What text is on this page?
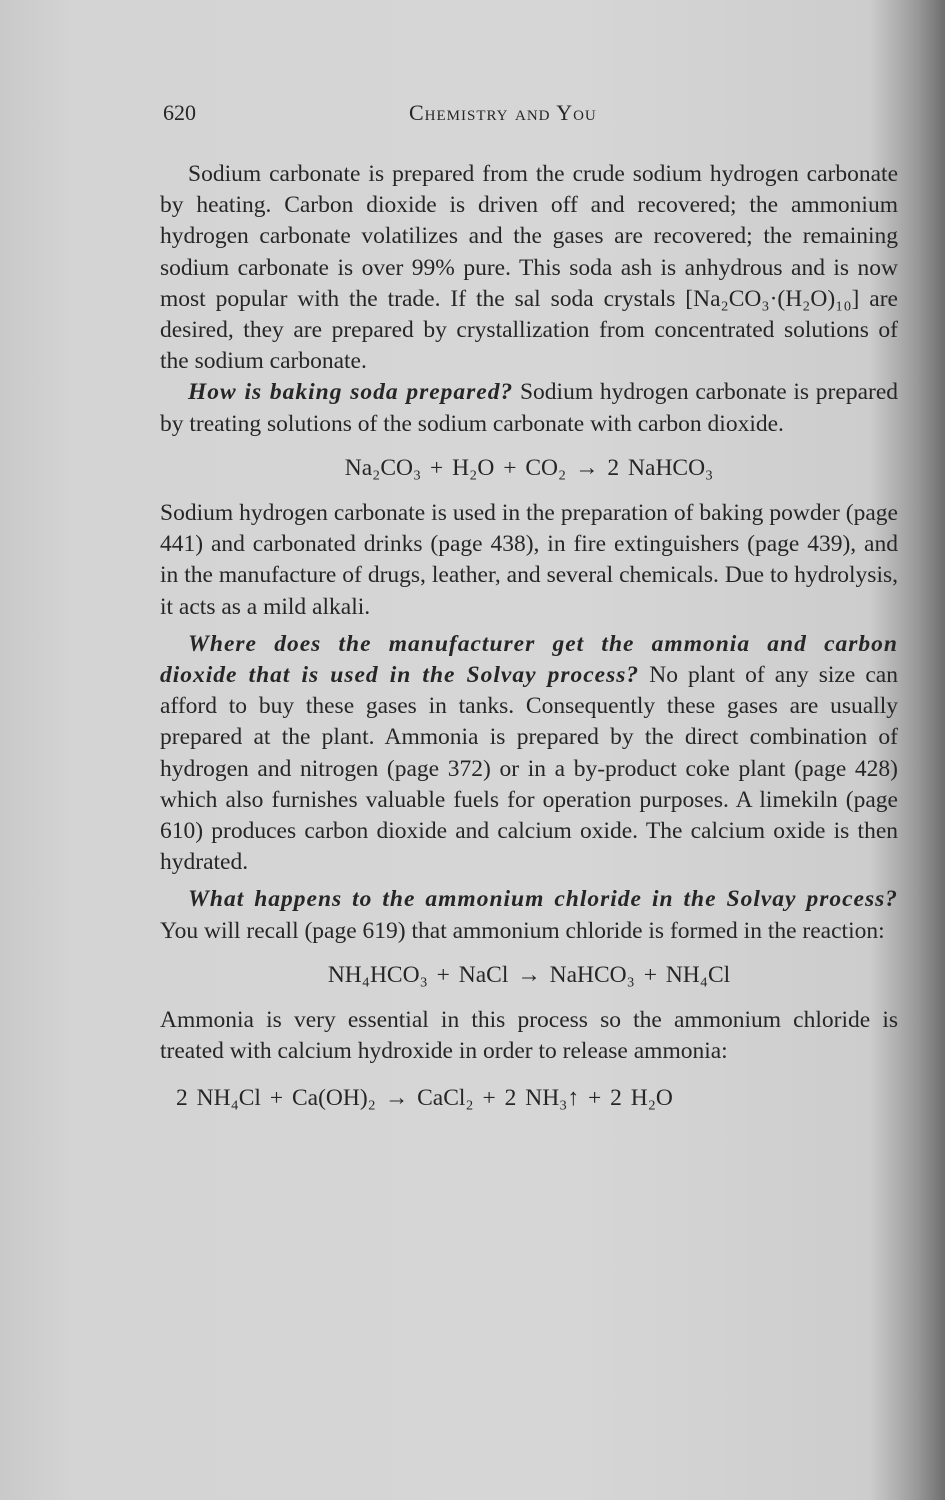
620	Chemistry and You

Sodium carbonate is prepared from the crude sodium hydrogen carbonate by heating. Carbon dioxide is driven off and recovered; the ammonium hydrogen carbonate volatilizes and the gases are recovered; the remaining sodium carbonate is over 99% pure. This soda ash is anhydrous and is now most popular with the trade. If the sal soda crystals [Na₂CO₃·(H₂O)₁₀] are desired, they are prepared by crystallization from concentrated solutions of the sodium carbonate.

How is baking soda prepared? Sodium hydrogen carbonate is prepared by treating solutions of the sodium carbonate with carbon dioxide.

Na₂CO₃ + H₂O + CO₂ → 2 NaHCO₃

Sodium hydrogen carbonate is used in the preparation of baking powder (page 441) and carbonated drinks (page 438), in fire extinguishers (page 439), and in the manufacture of drugs, leather, and several chemicals. Due to hydrolysis, it acts as a mild alkali.

Where does the manufacturer get the ammonia and carbon dioxide that is used in the Solvay process? No plant of any size can afford to buy these gases in tanks. Consequently these gases are usually prepared at the plant. Ammonia is prepared by the direct combination of hydrogen and nitrogen (page 372) or in a by-product coke plant (page 428) which also furnishes valuable fuels for operation purposes. A limekiln (page 610) produces carbon dioxide and calcium oxide. The calcium oxide is then hydrated.

What happens to the ammonium chloride in the Solvay process? You will recall (page 619) that ammonium chloride is formed in the reaction:

NH₄HCO₃ + NaCl → NaHCO₃ + NH₄Cl

Ammonia is very essential in this process so the ammonium chloride is treated with calcium hydroxide in order to release ammonia:

2 NH₄Cl + Ca(OH)₂ → CaCl₂ + 2 NH₃↑ + 2 H₂O
